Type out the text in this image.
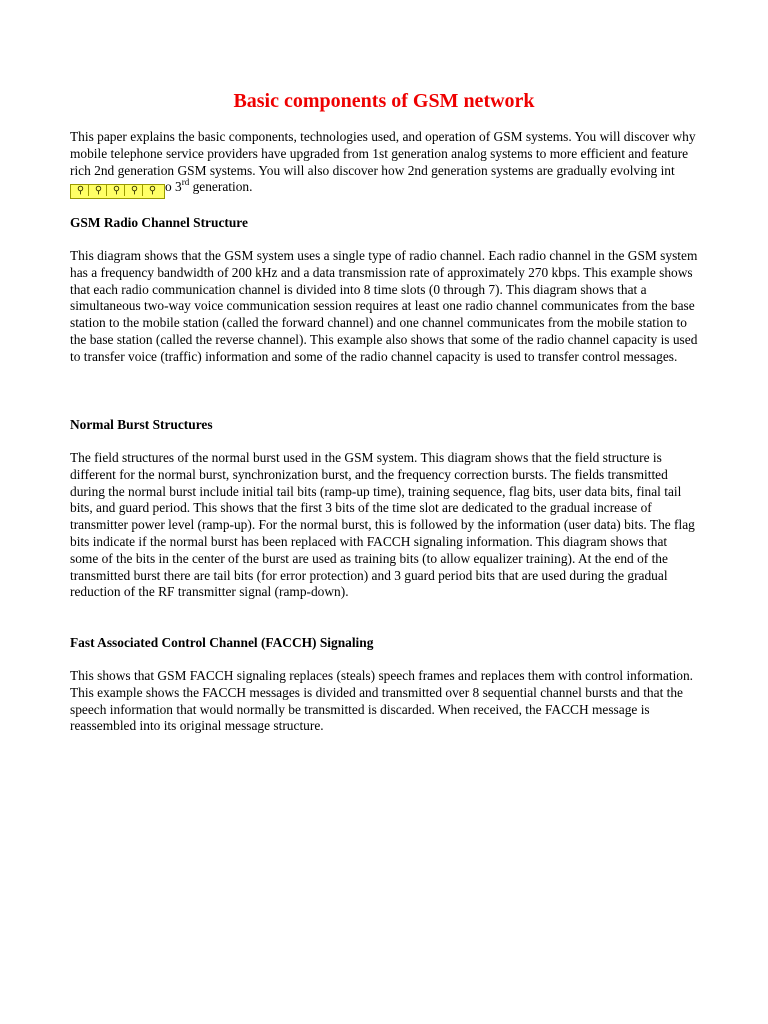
Basic components of GSM network

This paper explains the basic components, technologies used, and operation of GSM systems. You will discover why mobile telephone service providers have upgraded from 1st generation analog systems to more efficient and feature rich 2nd generation GSM systems. You will also discover how 2nd generation systems are gradually evolving int⚲ ⚲ ⚲ ⚲ ⚲ o 3rd generation.

GSM Radio Channel Structure

This diagram shows that the GSM system uses a single type of radio channel. Each radio channel in the GSM system has a frequency bandwidth of 200 kHz and a data transmission rate of approximately 270 kbps. This example shows that each radio communication channel is divided into 8 time slots (0 through 7). This diagram shows that a simultaneous two-way voice communication session requires at least one radio channel communicates from the base station to the mobile station (called the forward channel) and one channel communicates from the mobile station to the base station (called the reverse channel). This example also shows that some of the radio channel capacity is used to transfer voice (traffic) information and some of the radio channel capacity is used to transfer control messages.

Normal Burst Structures

The field structures of the normal burst used in the GSM system. This diagram shows that the field structure is different for the normal burst, synchronization burst, and the frequency correction bursts. The fields transmitted during the normal burst include initial tail bits (ramp-up time), training sequence, flag bits, user data bits, final tail bits, and guard period. This shows that the first 3 bits of the time slot are dedicated to the gradual increase of transmitter power level (ramp-up). For the normal burst, this is followed by the information (user data) bits. The flag bits indicate if the normal burst has been replaced with FACCH signaling information. This diagram shows that some of the bits in the center of the burst are used as training bits (to allow equalizer training). At the end of the transmitted burst there are tail bits (for error protection) and 3 guard period bits that are used during the gradual reduction of the RF transmitter signal (ramp-down).

Fast Associated Control Channel (FACCH) Signaling

This shows that GSM FACCH signaling replaces (steals) speech frames and replaces them with control information. This example shows the FACCH messages is divided and transmitted over 8 sequential channel bursts and that the speech information that would normally be transmitted is discarded. When received, the FACCH message is reassembled into its original message structure.
